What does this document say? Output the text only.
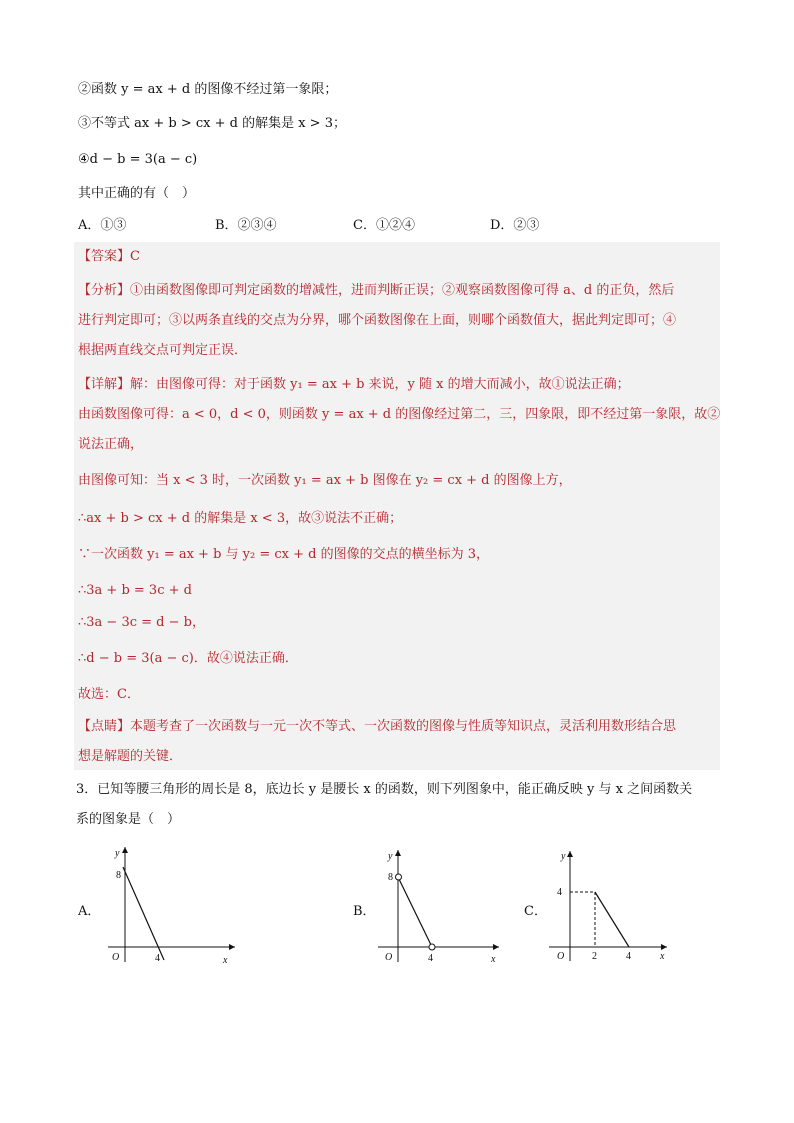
②函数 y = ax + d 的图像不经过第一象限；
③不等式 ax + b > cx + d 的解集是 x > 3；
④d − b = 3(a − c)
其中正确的有（　）
A．①③	B．②③④	C．①②④	D．②③
【答案】C
【分析】①由函数图像即可判定函数的增减性，进而判断正误；②观察函数图像可得 a、d 的正负，然后
进行判定即可；③以两条直线的交点为分界，哪个函数图像在上面，则哪个函数值大，据此判定即可；④
根据两直线交点可判定正误．
【详解】解：由图像可得：对于函数 y₁ = ax + b 来说，y 随 x 的增大而减小，故①说法正确；
由函数图像可得：a < 0，d < 0，则函数 y = ax + d 的图像经过第二，三，四象限，即不经过第一象限，故②
说法正确，
由图像可知：当 x < 3 时，一次函数 y₁ = ax + b 图像在 y₂ = cx + d 的图像上方，
∴ax + b > cx + d 的解集是 x < 3，故③说法不正确；
∵一次函数 y₁ = ax + b 与 y₂ = cx + d 的图像的交点的横坐标为 3，
∴3a + b = 3c + d
∴3a − 3c = d − b，
∴d − b = 3(a − c)．故④说法正确．
故选：C．
【点睛】本题考查了一次函数与一元一次不等式、一次函数的图像与性质等知识点，灵活利用数形结合思
想是解题的关键．
3．已知等腰三角形的周长是 8，底边长 y 是腰长 x 的函数，则下列图象中，能正确反映 y 与 x 之间函数关
系的图象是（　）
A．
y
8
O	4	x
B．
y
8
O	4	x
C．
y
4
O	2	4	x
